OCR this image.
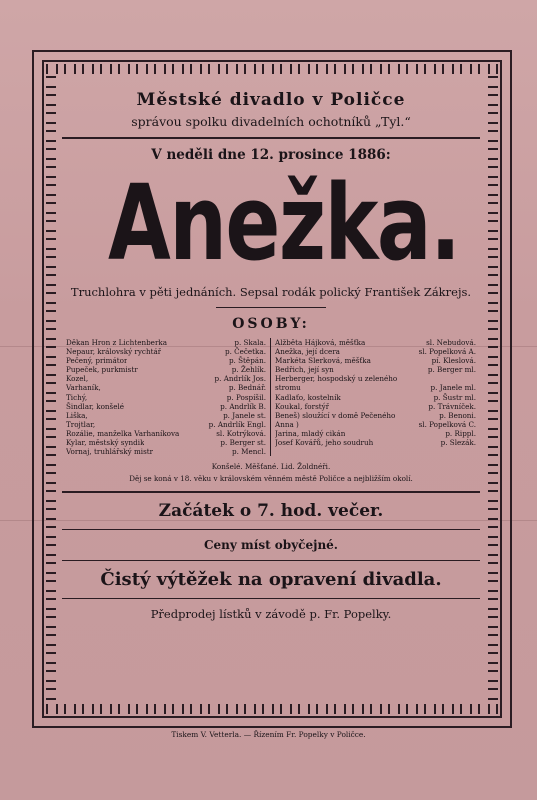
Městské divadlo v Poličce
správou spolku divadelních ochotníků „Tyl.“
V neděli dne 12. prosince 1886:
Anežka.
Truchlohra v pěti jednáních. Sepsal rodák polický František Zákrejs.
OSOBY:
Děkan Hron z Lichtenberka	p. Skala.
Nepaur, královský rychtář	p. Čečetka.
Pečený, primátor	p. Štěpán.
Pupeček, purkmistr	p. Žehlík.
Kozel,	p. Andrlík Jos.
Varhaník,	p. Bednář.
Tichý,	p. Pospíšil.
Šindlar, konšelé	p. Andrlík B.
Liška,	p. Janele st.
Trojtlar,	p. Andrlík Engl.
Rozálie, manželka Varhaníkova	sl. Kotrýková.
Kylar, městský syndik	p. Berger st.
Vornaj, truhlářský mistr	p. Mencl.
Alžběta Hájková, měšťka	sl. Nebudová.
Anežka, její dcera	sl. Popelková A.
Markéta Slerková, měšťka	pí. Kleslová.
Bedřich, její syn	p. Berger ml.
Herberger, hospodský u zeleného
stromu	p. Janele ml.
Kadlaťo, kostelník	p. Šustr ml.
Koukal, forstýř	p. Trávníček.
Beneš) sloužící v domě Pečeného	p. Benoni.
Anna )	sl. Popelková C.
Jarina, mladý cikán	p. Rippl.
Josef Kovářů, jeho soudruh	p. Slezák.
Konšelé. Měšťané. Lid. Žoldnéři.
Děj se koná v 18. věku v královském věnném městě Poličce a nejbližším okolí.
Začátek o 7. hod. večer.
Ceny míst obyčejné.
Čistý výtěžek na opravení divadla.
Předprodej lístků v závodě p. Fr. Popelky.
Tiskem V. Vetterla. — Řízením Fr. Popelky v Poličce.
